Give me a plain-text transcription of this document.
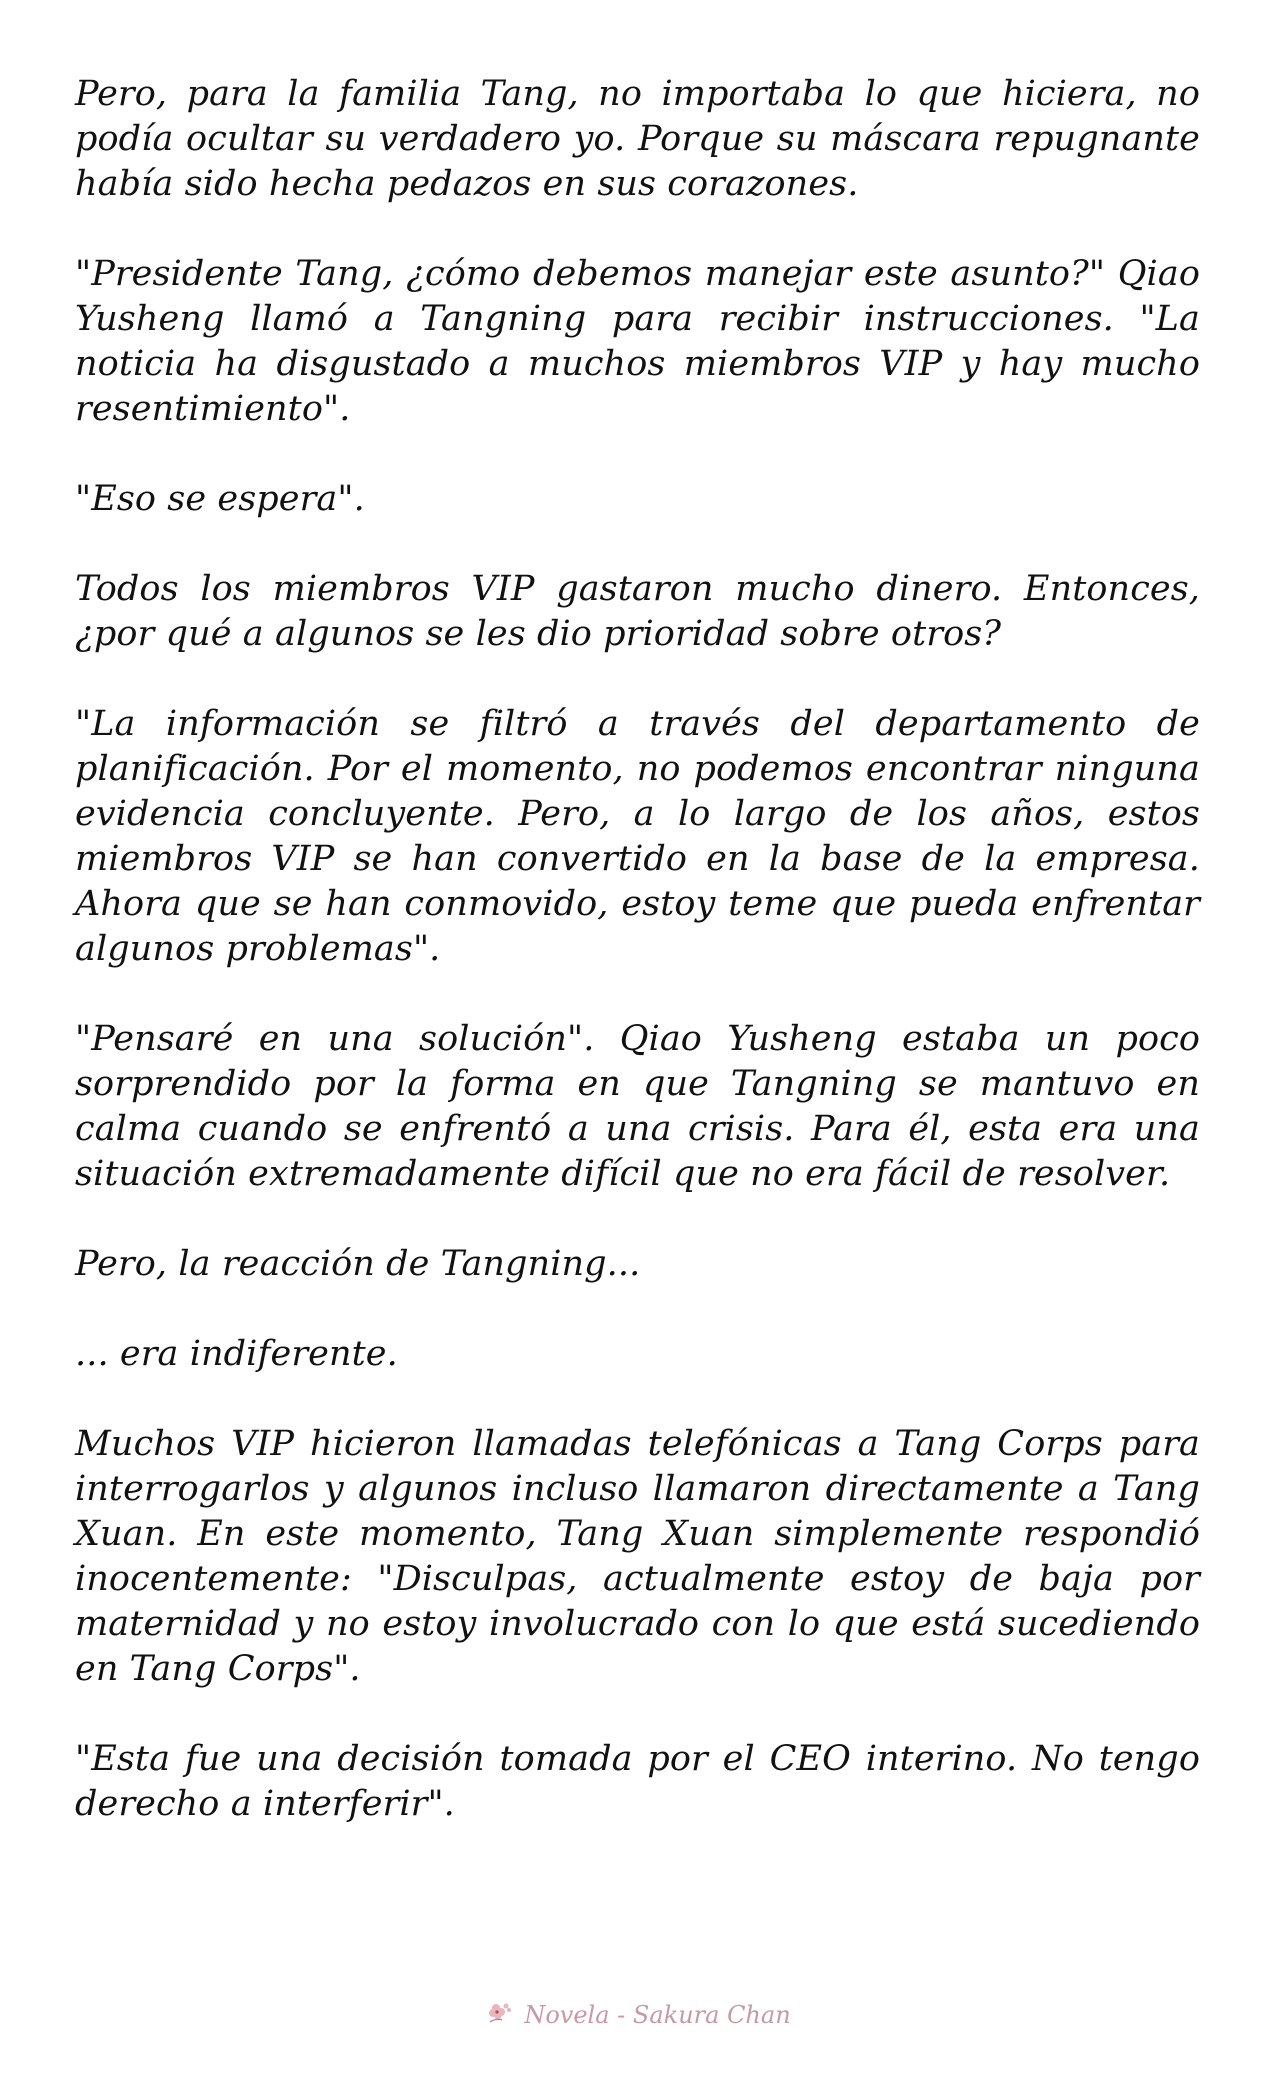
Pero, para la familia Tang, no importaba lo que hiciera, no podía ocultar su verdadero yo. Porque su máscara repugnante había sido hecha pedazos en sus corazones.

"Presidente Tang, ¿cómo debemos manejar este asunto?" Qiao Yusheng llamó a Tangning para recibir instrucciones. "La noticia ha disgustado a muchos miembros VIP y hay mucho resentimiento".

"Eso se espera".

Todos los miembros VIP gastaron mucho dinero. Entonces, ¿por qué a algunos se les dio prioridad sobre otros?

"La información se filtró a través del departamento de planificación. Por el momento, no podemos encontrar ninguna evidencia concluyente. Pero, a lo largo de los años, estos miembros VIP se han convertido en la base de la empresa. Ahora que se han conmovido, estoy teme que pueda enfrentar algunos problemas".

"Pensaré en una solución". Qiao Yusheng estaba un poco sorprendido por la forma en que Tangning se mantuvo en calma cuando se enfrentó a una crisis. Para él, esta era una situación extremadamente difícil que no era fácil de resolver.

Pero, la reacción de Tangning...

... era indiferente.

Muchos VIP hicieron llamadas telefónicas a Tang Corps para interrogarlos y algunos incluso llamaron directamente a Tang Xuan. En este momento, Tang Xuan simplemente respondió inocentemente: "Disculpas, actualmente estoy de baja por maternidad y no estoy involucrado con lo que está sucediendo en Tang Corps".

"Esta fue una decisión tomada por el CEO interino. No tengo derecho a interferir".

Novela - Sakura Chan
